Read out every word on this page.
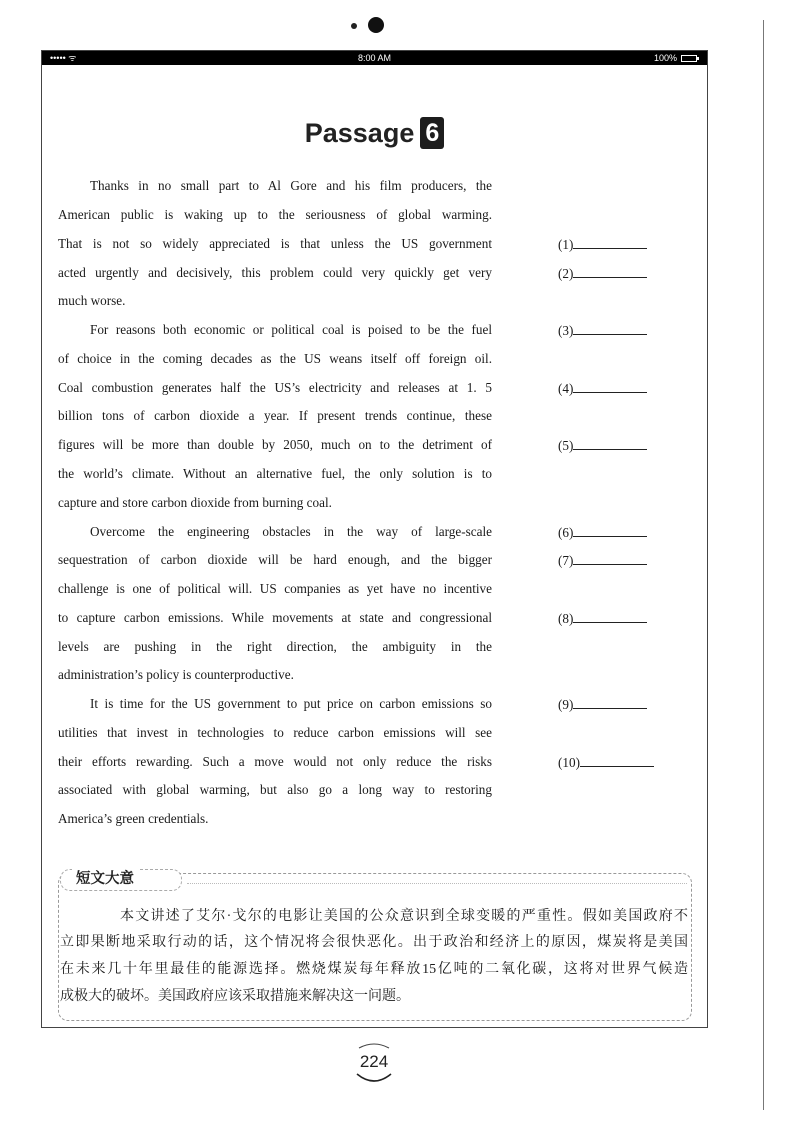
••••• ᯤ	8:00 AM	100%
Passage 6
Thanks in no small part to Al Gore and his film producers, the
American public is waking up to the seriousness of global warming.
That is not so widely appreciated is that unless the US government
acted urgently and decisively, this problem could very quickly get very
much worse.
For reasons both economic or political coal is poised to be the fuel
of choice in the coming decades as the US weans itself off foreign oil.
Coal combustion generates half the US’s electricity and releases at 1. 5
billion tons of carbon dioxide a year. If present trends continue, these
figures will be more than double by 2050, much on to the detriment of
the world’s climate. Without an alternative fuel, the only solution is to
capture and store carbon dioxide from burning coal.
Overcome the engineering obstacles in the way of large-scale
sequestration of carbon dioxide will be hard enough, and the bigger
challenge is one of political will. US companies as yet have no incentive
to capture carbon emissions. While movements at state and congressional
levels are pushing in the right direction, the ambiguity in the
administration’s policy is counterproductive.
It is time for the US government to put price on carbon emissions so
utilities that invest in technologies to reduce carbon emissions will see
their efforts rewarding. Such a move would not only reduce the risks
associated with global warming, but also go a long way to restoring
America’s green credentials.
(1)
(2)
(3)
(4)
(5)
(6)
(7)
(8)
(9)
(10)
短文大意
本文讲述了艾尔·戈尔的电影让美国的公众意识到全球变暖的严重性。假如美国政府不
立即果断地采取行动的话，这个情况将会很快恶化。出于政治和经济上的原因，煤炭将是美国
在未来几十年里最佳的能源选择。燃烧煤炭每年释放15亿吨的二氧化碳，这将对世界气候造
成极大的破坏。美国政府应该采取措施来解决这一问题。
224
